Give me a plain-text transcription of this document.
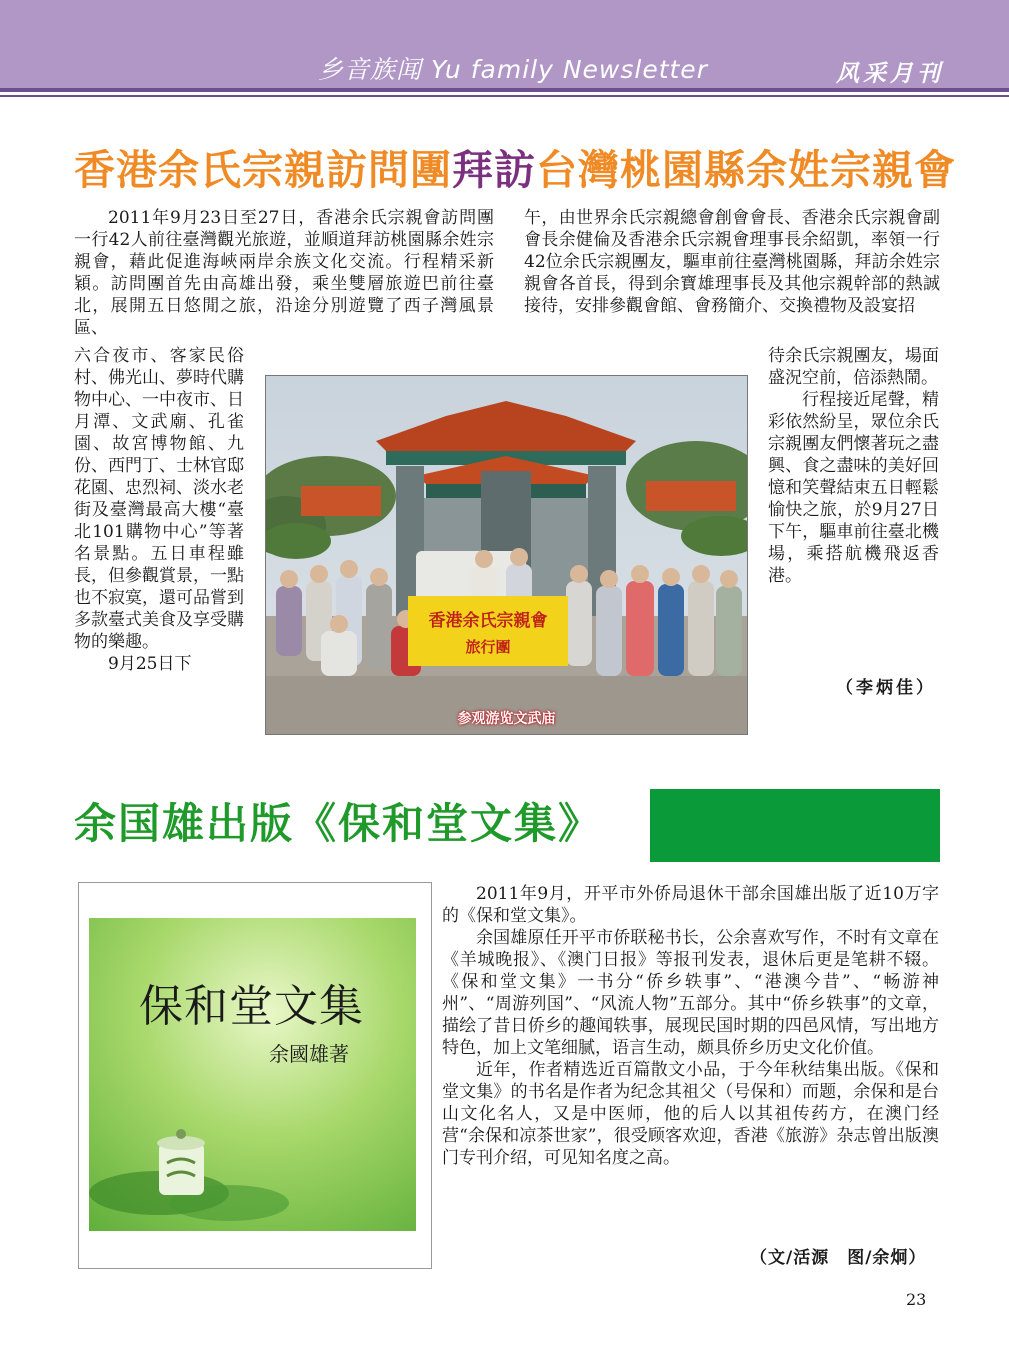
乡音族闻 Yu family Newsletter	风采月刊
香港余氏宗親訪問團拜訪台灣桃園縣余姓宗親會

2011年9月23日至27日，香港余氏宗親會訪問團一行42人前往臺灣觀光旅遊，並順道拜訪桃園縣余姓宗親會，藉此促進海峽兩岸余族文化交流。行程精采新穎。訪問團首先由高雄出發，乘坐雙層旅遊巴前往臺北，展開五日悠閒之旅，沿途分別遊覽了西子灣風景區、

午，由世界余氏宗親總會創會會長、香港余氏宗親會副會長余健倫及香港余氏宗親會理事長余紹凱，率領一行42位余氏宗親團友，驅車前往臺灣桃園縣，拜訪余姓宗親會各首長，得到余寶雄理事長及其他宗親幹部的熱誠接待，安排參觀會館、會務簡介、交換禮物及設宴招

六合夜市、客家民俗村、佛光山、夢時代購物中心、一中夜市、日月潭、文武廟、孔雀園、故宮博物館、九份、西門丁、士林官邸花園、忠烈祠、淡水老街及臺灣最高大樓“臺北101購物中心”等著名景點。五日車程雖長，但參觀賞景，一點也不寂寞，還可品嘗到多款臺式美食及享受購物的樂趣。

9月25日下

待余氏宗親團友，場面盛況空前，倍添熱鬧。

行程接近尾聲，精彩依然紛呈，眾位余氏宗親團友們懷著玩之盡興、食之盡味的美好回憶和笑聲結束五日輕鬆愉快之旅，於9月27日下午，驅車前往臺北機場，乘搭航機飛返香港。

香港余氏宗親會
旅行團
参观游览文武庙
（李炳佳）
余国雄出版《保和堂文集》
保和堂文集
余國雄著

2011年9月，开平市外侨局退休干部余国雄出版了近10万字的《保和堂文集》。

余国雄原任开平市侨联秘书长，公余喜欢写作，不时有文章在《羊城晚报》、《澳门日报》等报刊发表，退休后更是笔耕不辍。《保和堂文集》一书分“侨乡轶事”、“港澳今昔”、“畅游神州”、“周游列国”、“风流人物”五部分。其中“侨乡轶事”的文章，描绘了昔日侨乡的趣闻轶事，展现民国时期的四邑风情，写出地方特色，加上文笔细腻，语言生动，颇具侨乡历史文化价值。

近年，作者精选近百篇散文小品，于今年秋结集出版。《保和堂文集》的书名是作者为纪念其祖父（号保和）而题，余保和是台山文化名人，又是中医师，他的后人以其祖传药方，在澳门经营“余保和凉茶世家”，很受顾客欢迎，香港《旅游》杂志曾出版澳门专刊介绍，可见知名度之高。

（文/活源　图/余炯）
23
